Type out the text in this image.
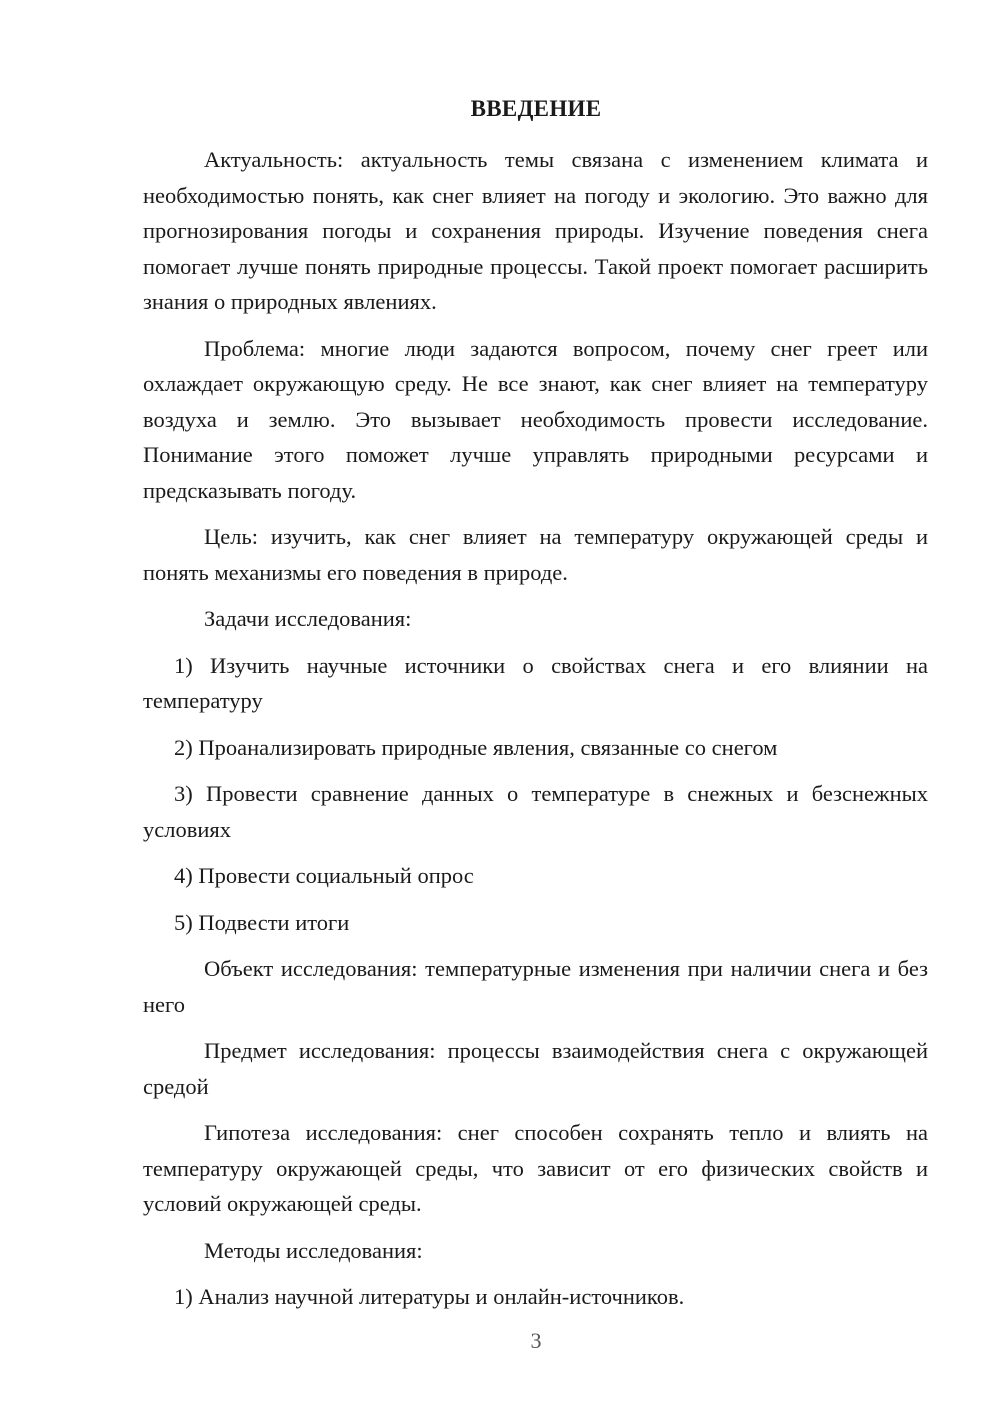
ВВЕДЕНИЕ

Актуальность: актуальность темы связана с изменением климата и необходимостью понять, как снег влияет на погоду и экологию. Это важно для прогнозирования погоды и сохранения природы. Изучение поведения снега помогает лучше понять природные процессы. Такой проект помогает расширить знания о природных явлениях.

Проблема: многие люди задаются вопросом, почему снег греет или охлаждает окружающую среду. Не все знают, как снег влияет на температуру воздуха и землю. Это вызывает необходимость провести исследование. Понимание этого поможет лучше управлять природными ресурсами и предсказывать погоду.

Цель: изучить, как снег влияет на температуру окружающей среды и понять механизмы его поведения в природе.

Задачи исследования:

1) Изучить научные источники о свойствах снега и его влиянии на температуру

2) Проанализировать природные явления, связанные со снегом

3) Провести сравнение данных о температуре в снежных и безснежных условиях

4) Провести социальный опрос

5) Подвести итоги

Объект исследования: температурные изменения при наличии снега и без него

Предмет исследования: процессы взаимодействия снега с окружающей средой

Гипотеза исследования: снег способен сохранять тепло и влиять на температуру окружающей среды, что зависит от его физических свойств и условий окружающей среды.

Методы исследования:

1) Анализ научной литературы и онлайн-источников.

3
